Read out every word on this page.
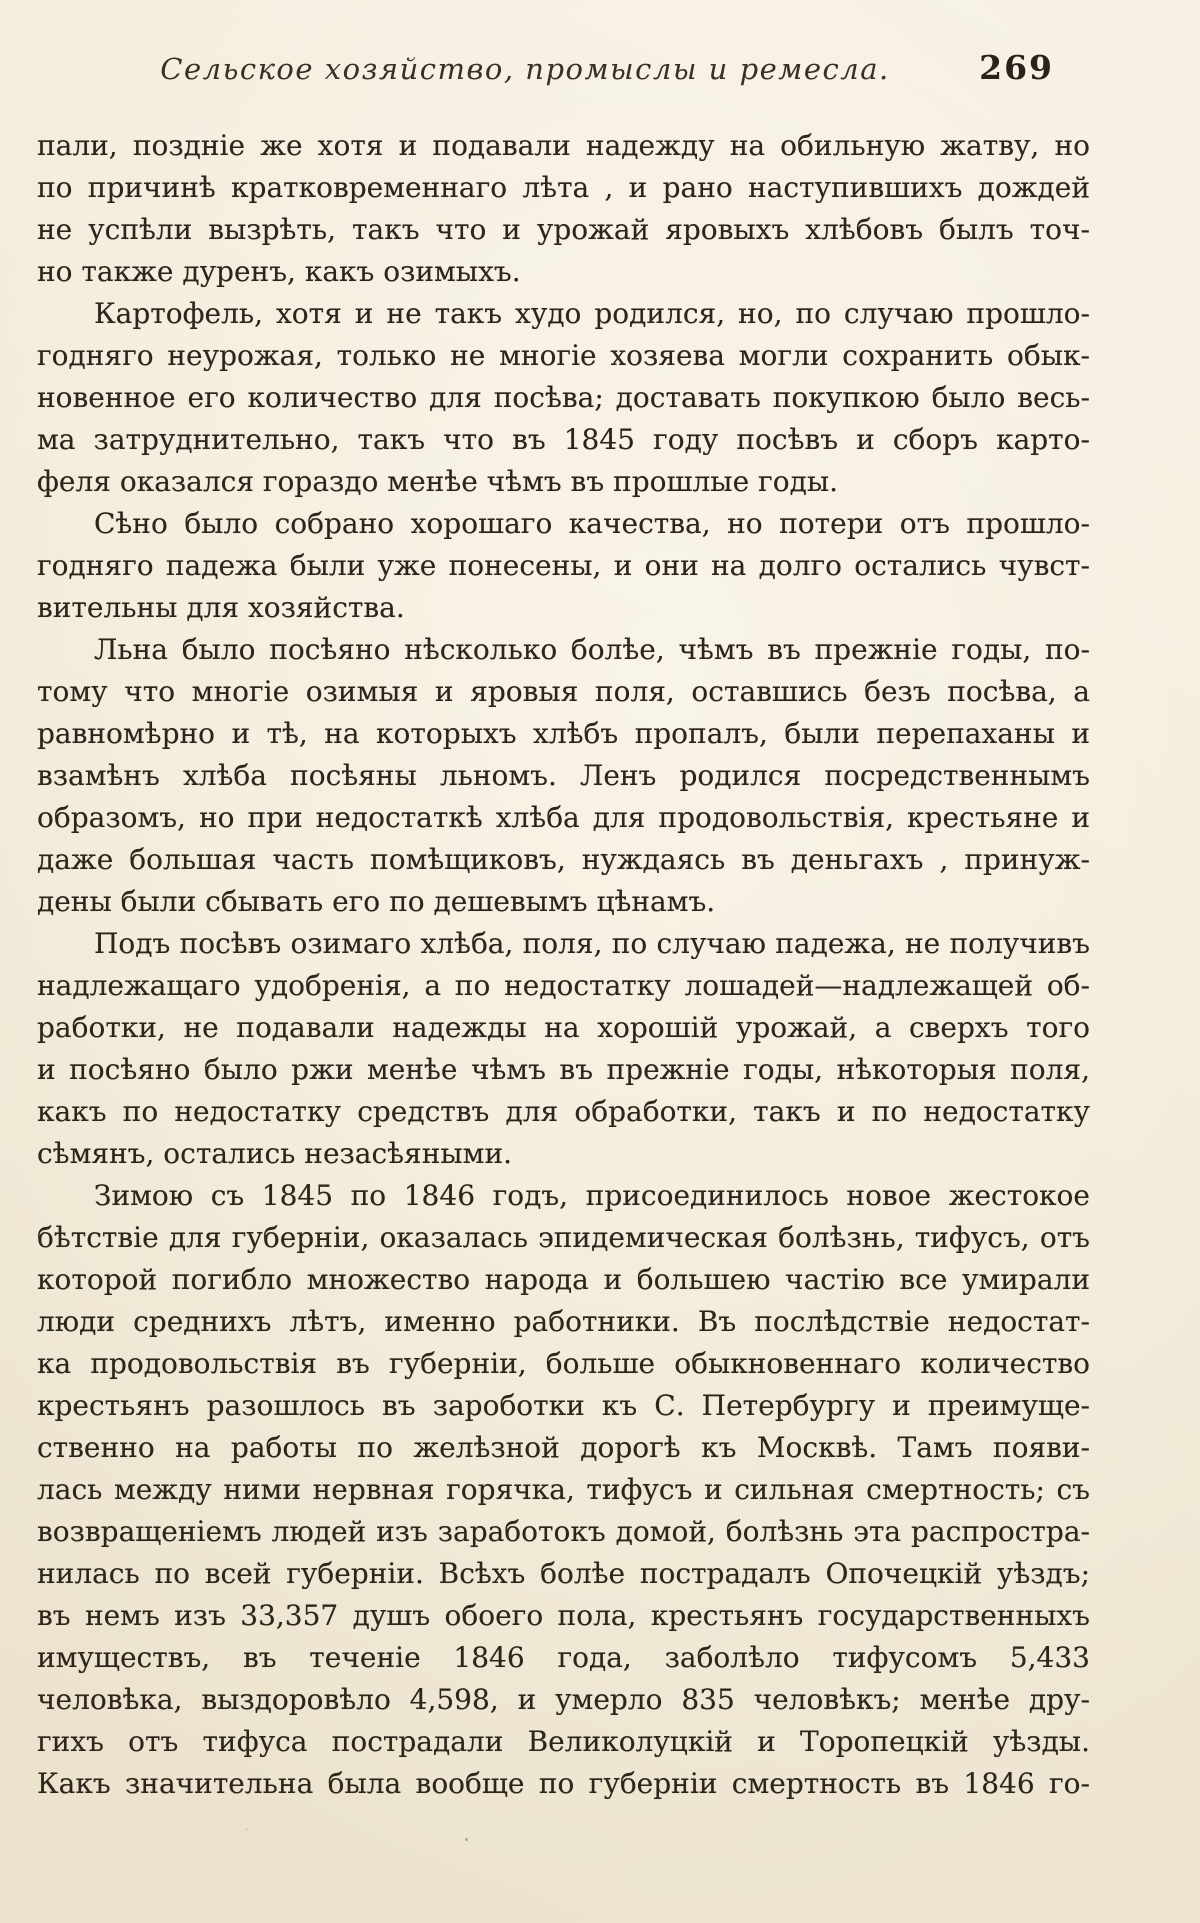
Сельское хозяйство, промыслы и ремесла.	269
пали, поздніе же хотя и подавали надежду на обильную жатву, но
по причинѣ кратковременнаго лѣта , и рано наступившихъ дождей
не успѣли вызрѣть, такъ что и урожай яровыхъ хлѣбовъ былъ точ-
но также дуренъ, какъ озимыхъ.
Картофель, хотя и не такъ худо родился, но, по случаю прошло-
годняго неурожая, только не многіе хозяева могли сохранить обык-
новенное его количество для посѣва; доставать покупкою было весь-
ма затруднительно, такъ что въ 1845 году посѣвъ и сборъ карто-
феля оказался гораздо менѣе чѣмъ въ прошлые годы.
Сѣно было собрано хорошаго качества, но потери отъ прошло-
годняго падежа были уже понесены, и они на долго остались чувст-
вительны для хозяйства.
Льна было посѣяно нѣсколько болѣе, чѣмъ въ прежніе годы, по-
тому что многіе озимыя и яровыя поля, оставшись безъ посѣва, а
равномѣрно и тѣ, на которыхъ хлѣбъ пропалъ, были перепаханы и
взамѣнъ хлѣба посѣяны льномъ. Ленъ родился посредственнымъ
образомъ, но при недостаткѣ хлѣба для продовольствія, крестьяне и
даже большая часть помѣщиковъ, нуждаясь въ деньгахъ , принуж-
дены были сбывать его по дешевымъ цѣнамъ.
Подъ посѣвъ озимаго хлѣба, поля, по случаю падежа, не получивъ
надлежащаго удобренія, а по недостатку лошадей—надлежащей об-
работки, не подавали надежды на хорошій урожай, а сверхъ того
и посѣяно было ржи менѣе чѣмъ въ прежніе годы, нѣкоторыя поля,
какъ по недостатку средствъ для обработки, такъ и по недостатку
сѣмянъ, остались незасѣяными.
Зимою съ 1845 по 1846 годъ, присоединилось новое жестокое
бѣтствіе для губерніи, оказалась эпидемическая болѣзнь, тифусъ, отъ
которой погибло множество народа и большею частію все умирали
люди среднихъ лѣтъ, именно работники. Въ послѣдствіе недостат-
ка продовольствія въ губерніи, больше обыкновеннаго количество
крестьянъ разошлось въ зароботки къ С. Петербургу и преимуще-
ственно на работы по желѣзной дорогѣ къ Москвѣ. Тамъ появи-
лась между ними нервная горячка, тифусъ и сильная смертность; съ
возвращеніемъ людей изъ заработокъ домой, болѣзнь эта распростра-
нилась по всей губерніи. Всѣхъ болѣе пострадалъ Опочецкій уѣздъ;
въ немъ изъ 33,357 душъ обоего пола, крестьянъ государственныхъ
имуществъ, въ теченіе 1846 года, заболѣло тифусомъ 5,433
человѣка, выздоровѣло 4,598, и умерло 835 человѣкъ; менѣе дру-
гихъ отъ тифуса пострадали Великолуцкій и Торопецкій уѣзды.
Какъ значительна была вообще по губерніи смертность въ 1846 го-
